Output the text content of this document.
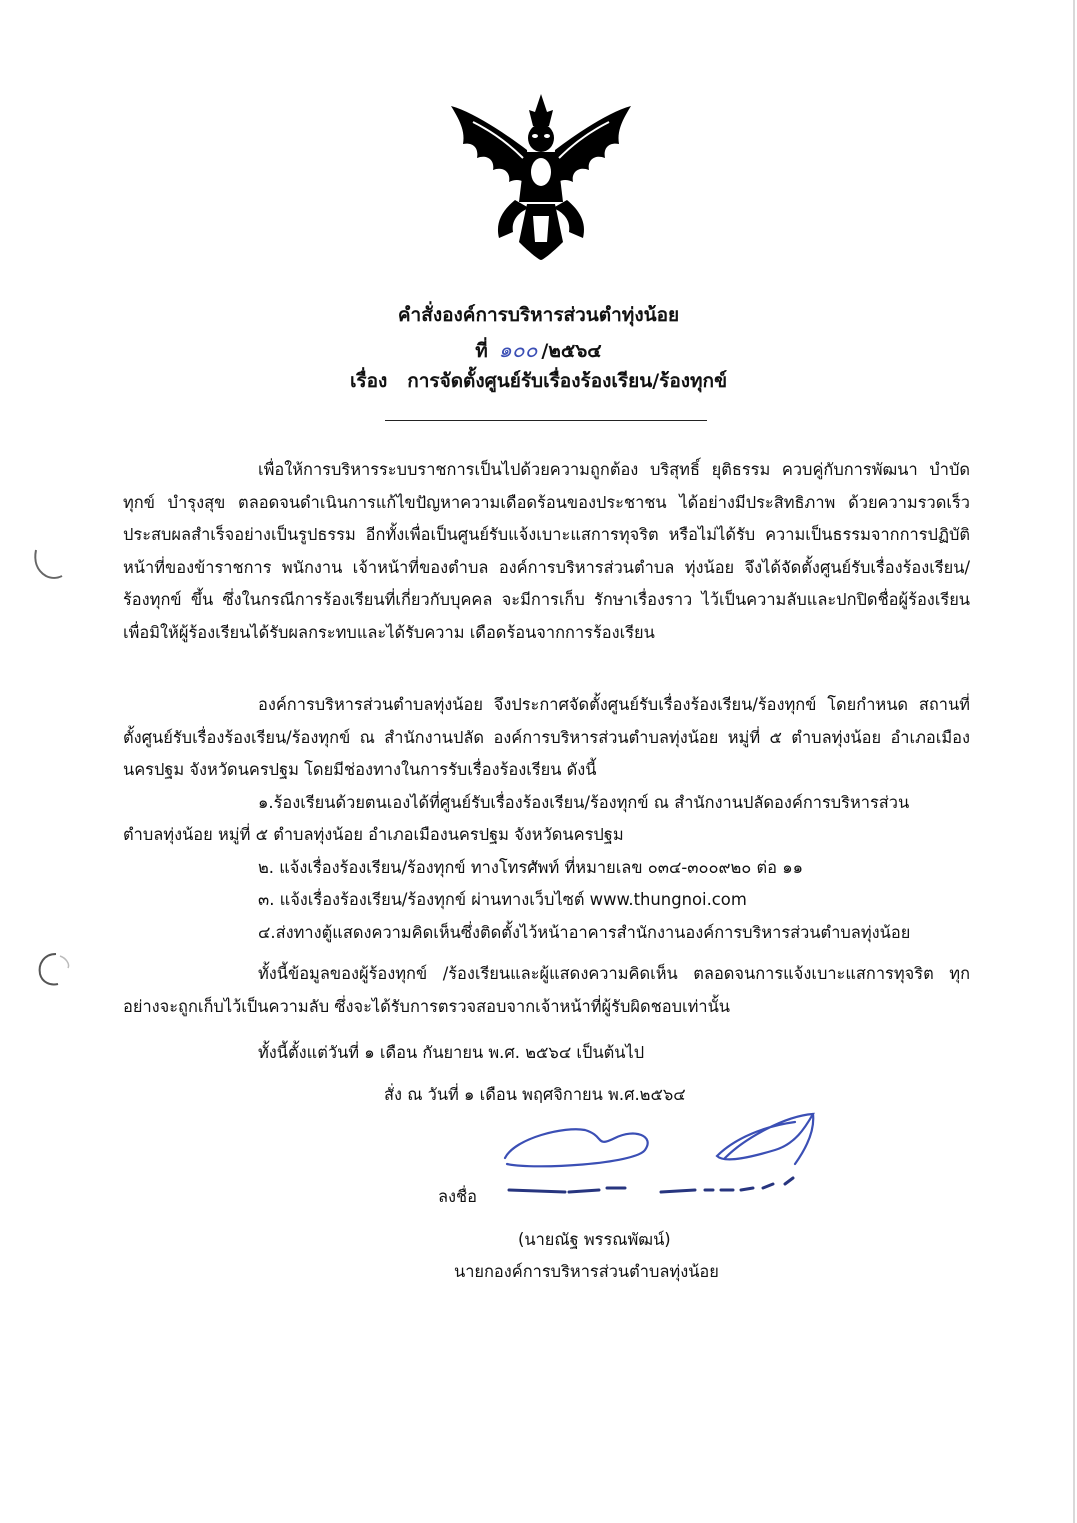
คำสั่งองค์การบริหารส่วนตำทุ่งน้อย
ที่ ๑๐๐ /๒๕๖๔
เรื่อง การจัดตั้งศูนย์รับเรื่องร้องเรียน/ร้องทุกข์

เพื่อให้การบริหารระบบราชการเป็นไปด้วยความถูกต้อง บริสุทธิ์ ยุติธรรม ควบคู่กับการพัฒนา บำบัดทุกข์ บำรุงสุข ตลอดจนดำเนินการแก้ไขปัญหาความเดือดร้อนของประชาชน ได้อย่างมีประสิทธิภาพ ด้วยความรวดเร็วประสบผลสำเร็จอย่างเป็นรูปธรรม อีกทั้งเพื่อเป็นศูนย์รับแจ้งเบาะแสการทุจริต หรือไม่ได้รับ ความเป็นธรรมจากการปฏิบัติหน้าที่ของข้าราชการ พนักงาน เจ้าหน้าที่ของตำบล องค์การบริหารส่วนตำบล ทุ่งน้อย จึงได้จัดตั้งศูนย์รับเรื่องร้องเรียน/ร้องทุกข์ ขึ้น ซึ่งในกรณีการร้องเรียนที่เกี่ยวกับบุคคล จะมีการเก็บ รักษาเรื่องราว ไว้เป็นความลับและปกปิดชื่อผู้ร้องเรียน เพื่อมิให้ผู้ร้องเรียนได้รับผลกระทบและได้รับความ เดือดร้อนจากการร้องเรียน

องค์การบริหารส่วนตำบลทุ่งน้อย จึงประกาศจัดตั้งศูนย์รับเรื่องร้องเรียน/ร้องทุกข์ โดยกำหนด สถานที่ตั้งศูนย์รับเรื่องร้องเรียน/ร้องทุกข์ ณ สำนักงานปลัด องค์การบริหารส่วนตำบลทุ่งน้อย หมู่ที่ ๕ ตำบลทุ่งน้อย อำเภอเมืองนครปฐม จังหวัดนครปฐม โดยมีช่องทางในการรับเรื่องร้องเรียน ดังนี้

๑.ร้องเรียนด้วยตนเองได้ที่ศูนย์รับเรื่องร้องเรียน/ร้องทุกข์ ณ สำนักงานปลัดองค์การบริหารส่วน

ตำบลทุ่งน้อย หมู่ที่ ๕ ตำบลทุ่งน้อย อำเภอเมืองนครปฐม จังหวัดนครปฐม

๒. แจ้งเรื่องร้องเรียน/ร้องทุกข์ ทางโทรศัพท์ ที่หมายเลข ๐๓๔-๓๐๐๙๒๐ ต่อ ๑๑

๓. แจ้งเรื่องร้องเรียน/ร้องทุกข์ ผ่านทางเว็บไซต์ www.thungnoi.com

๔.ส่งทางตู้แสดงความคิดเห็นซึ่งติดตั้งไว้หน้าอาคารสำนักงานองค์การบริหารส่วนตำบลทุ่งน้อย

ทั้งนี้ข้อมูลของผู้ร้องทุกข์ /ร้องเรียนและผู้แสดงความคิดเห็น ตลอดจนการแจ้งเบาะแสการทุจริต ทุกอย่างจะถูกเก็บไว้เป็นความลับ ซึ่งจะได้รับการตรวจสอบจากเจ้าหน้าที่ผู้รับผิดชอบเท่านั้น

ทั้งนี้ตั้งแต่วันที่ ๑ เดือน กันยายน พ.ศ. ๒๕๖๔ เป็นต้นไป
สั่ง ณ วันที่ ๑ เดือน พฤศจิกายน พ.ศ.๒๕๖๔
ลงชื่อ
(นายณัฐ พรรณพัฒน์)
นายกองค์การบริหารส่วนตำบลทุ่งน้อย
